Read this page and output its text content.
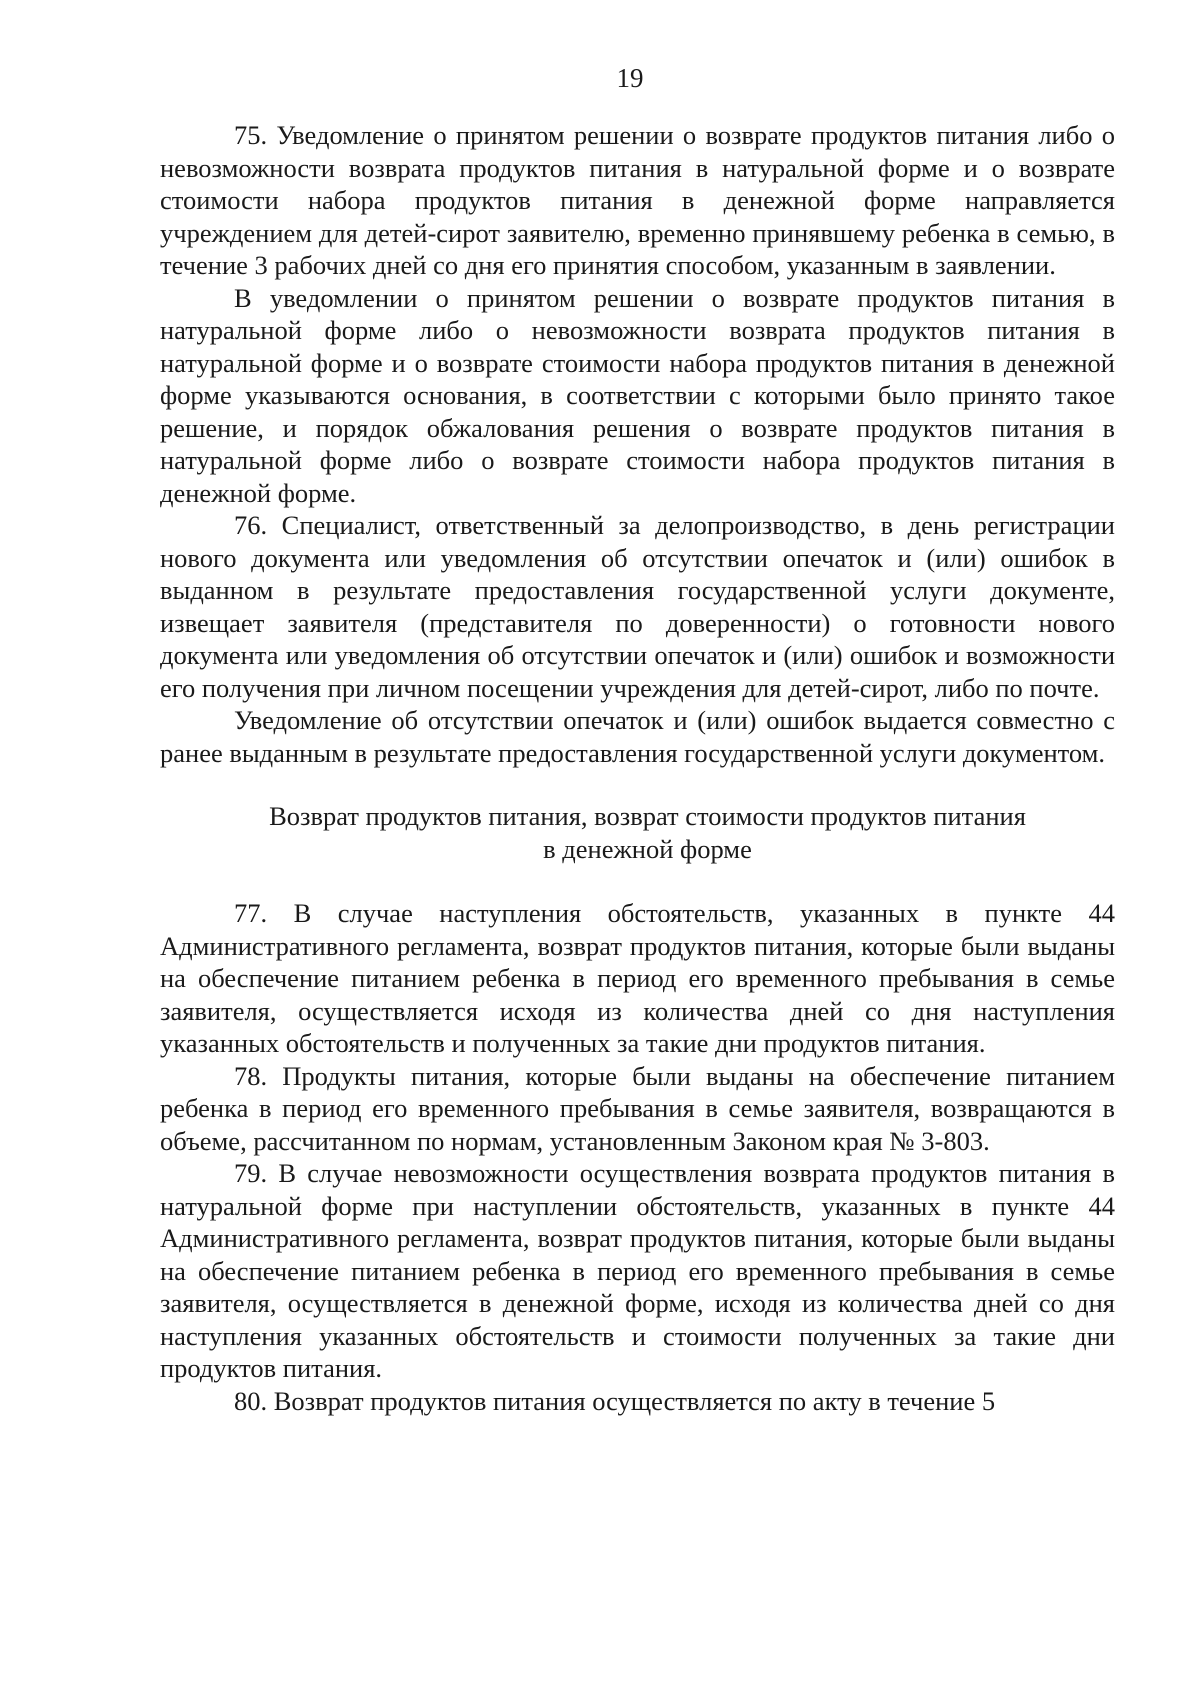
19

75. Уведомление о принятом решении о возврате продуктов питания либо о невозможности возврата продуктов питания в натуральной форме и о возврате стоимости набора продуктов питания в денежной форме направляется учреждением для детей-сирот заявителю, временно принявшему ребенка в семью, в течение 3 рабочих дней со дня его принятия способом, указанным в заявлении.

В уведомлении о принятом решении о возврате продуктов питания в натуральной форме либо о невозможности возврата продуктов питания в натуральной форме и о возврате стоимости набора продуктов питания в денежной форме указываются основания, в соответствии с которыми было принято такое решение, и порядок обжалования решения о возврате продуктов питания в натуральной форме либо о возврате стоимости набора продуктов питания в денежной форме.

76. Специалист, ответственный за делопроизводство, в день регистрации нового документа или уведомления об отсутствии опечаток и (или) ошибок в выданном в результате предоставления государственной услуги документе, извещает заявителя (представителя по доверенности) о готовности нового документа или уведомления об отсутствии опечаток и (или) ошибок и возможности его получения при личном посещении учреждения для детей-сирот, либо по почте.

Уведомление об отсутствии опечаток и (или) ошибок выдается совместно с ранее выданным в результате предоставления государственной услуги документом.

Возврат продуктов питания, возврат стоимости продуктов питания
в денежной форме

77. В случае наступления обстоятельств, указанных в пункте 44 Административного регламента, возврат продуктов питания, которые были выданы на обеспечение питанием ребенка в период его временного пребывания в семье заявителя, осуществляется исходя из количества дней со дня наступления указанных обстоятельств и полученных за такие дни продуктов питания.

78. Продукты питания, которые были выданы на обеспечение питанием ребенка в период его временного пребывания в семье заявителя, возвращаются в объеме, рассчитанном по нормам, установленным Законом края № 3-803.

79. В случае невозможности осуществления возврата продуктов питания в натуральной форме при наступлении обстоятельств, указанных в пункте 44 Административного регламента, возврат продуктов питания, которые были выданы на обеспечение питанием ребенка в период его временного пребывания в семье заявителя, осуществляется в денежной форме, исходя из количества дней со дня наступления указанных обстоятельств и стоимости полученных за такие дни продуктов питания.

80. Возврат продуктов питания осуществляется по акту в течение 5
